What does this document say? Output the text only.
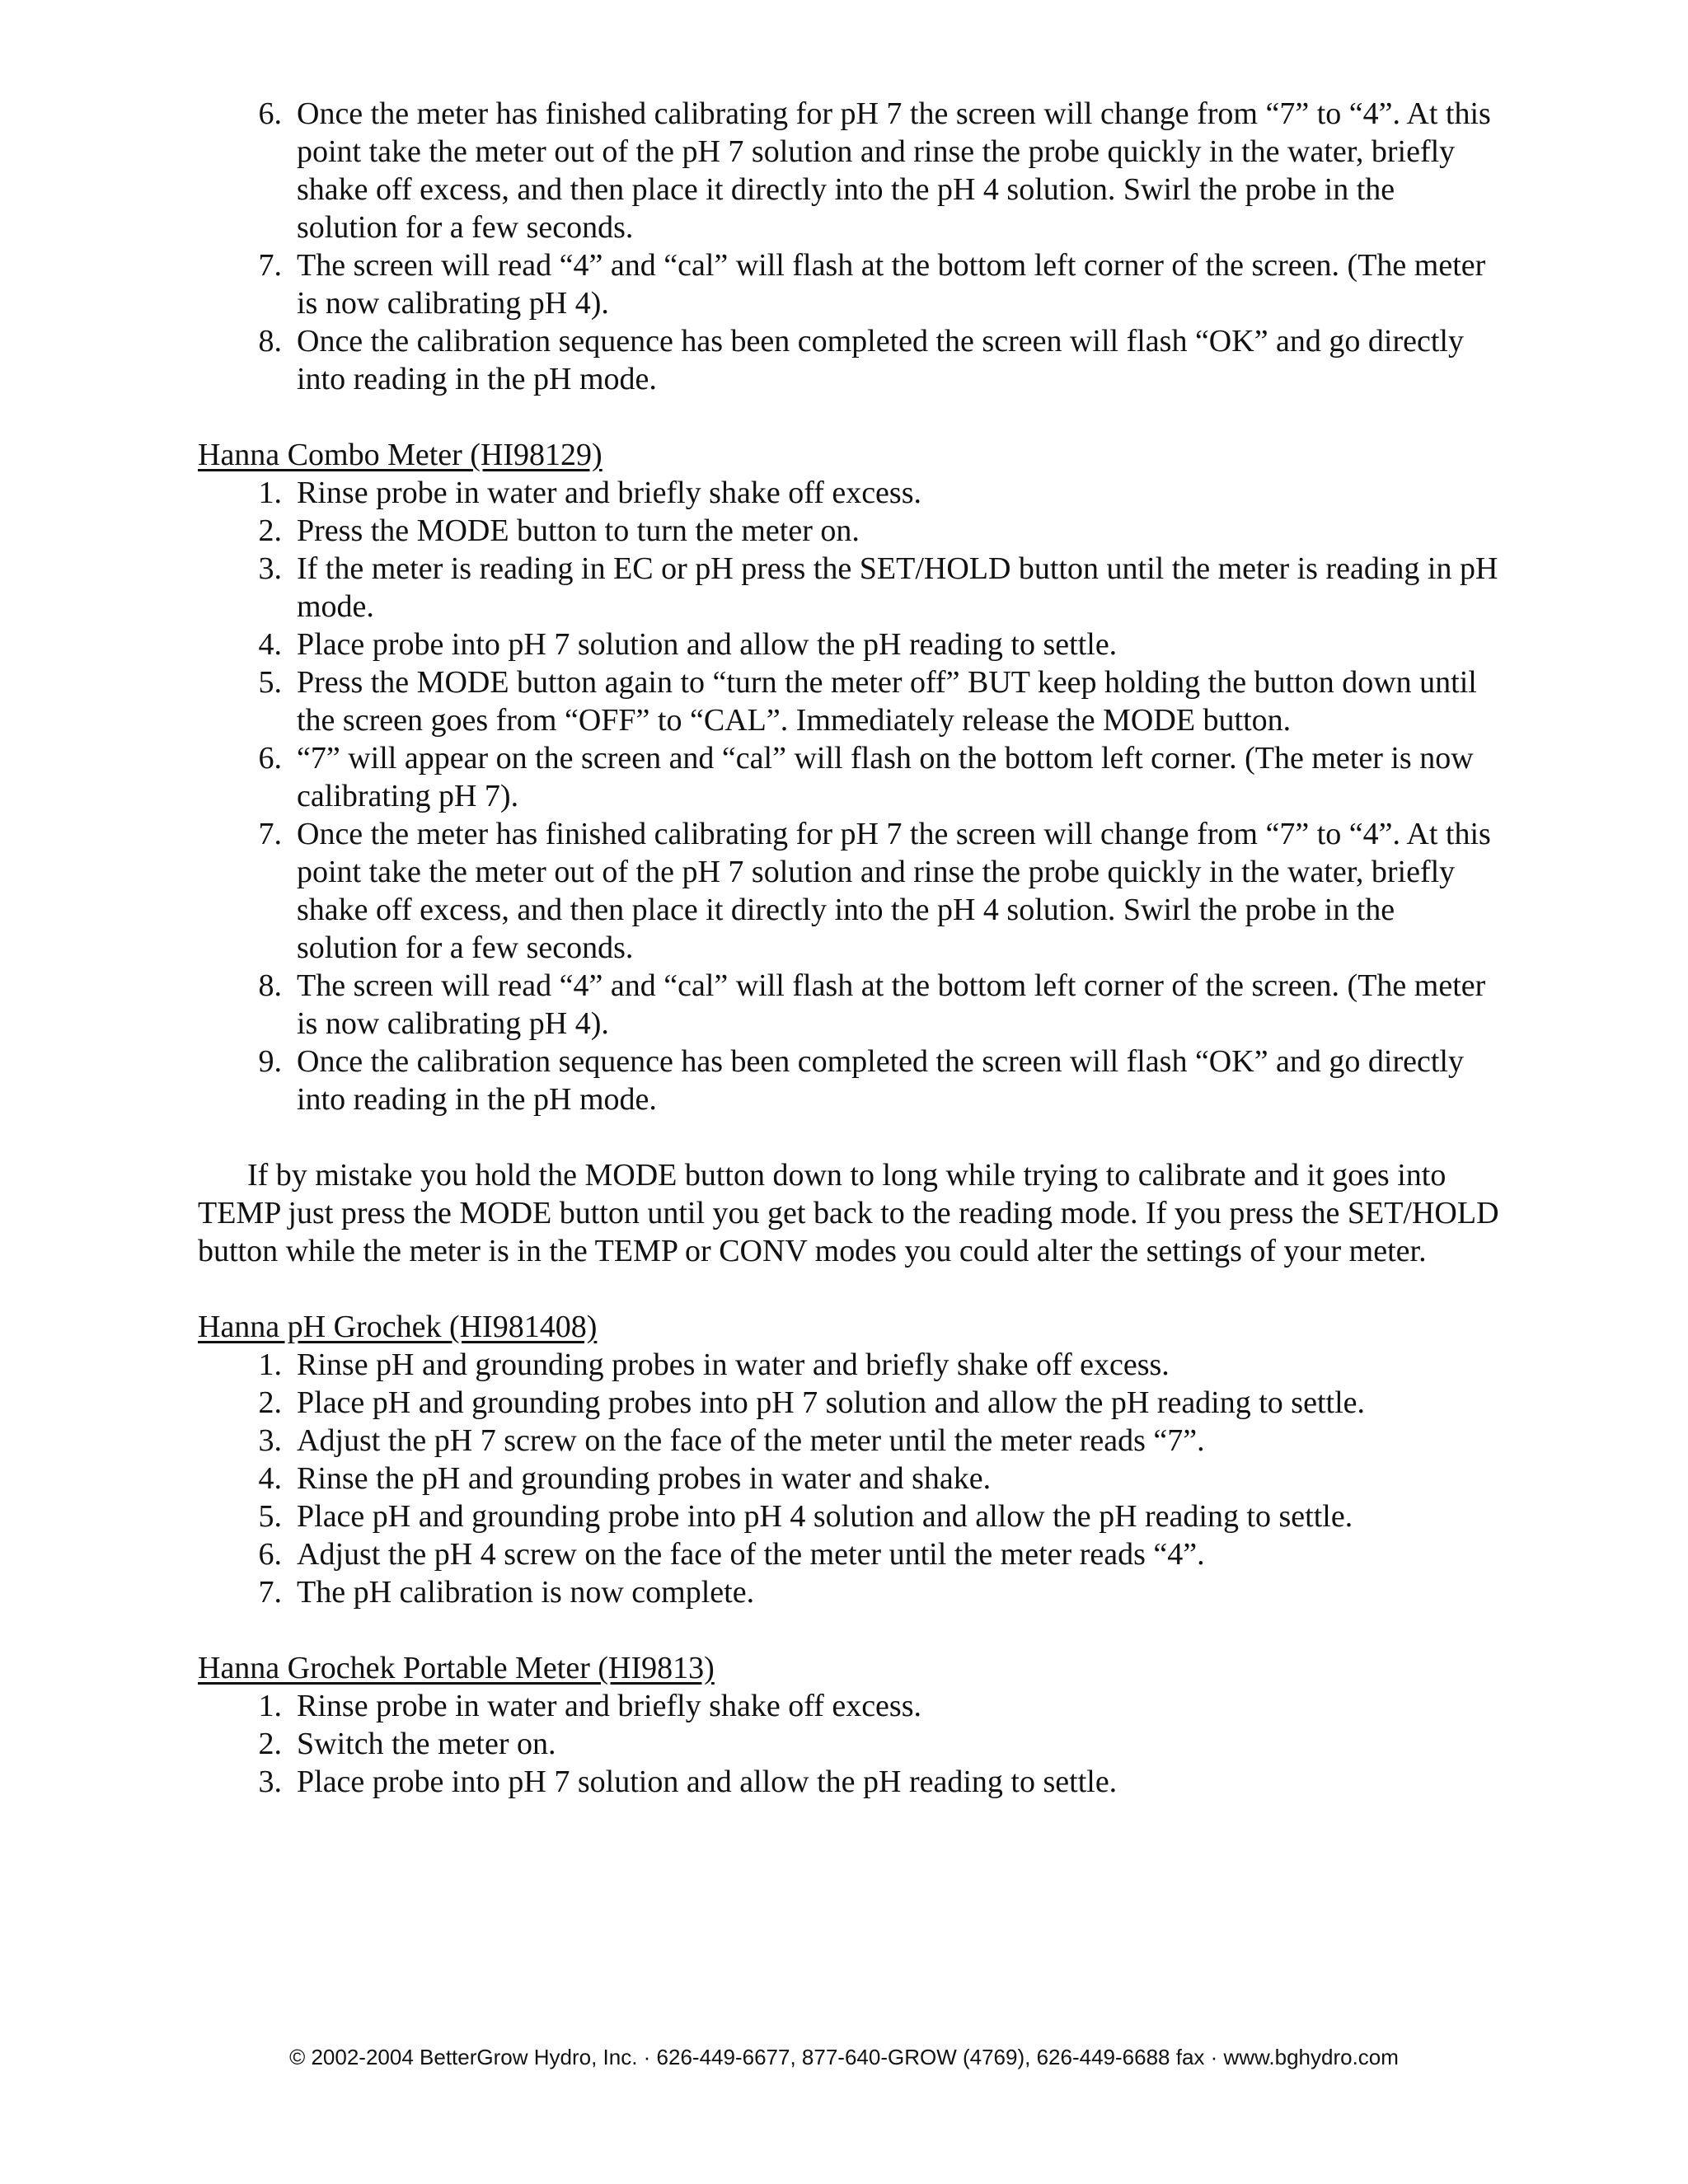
6. Once the meter has finished calibrating for pH 7 the screen will change from “7” to “4”. At this point take the meter out of the pH 7 solution and rinse the probe quickly in the water, briefly shake off excess, and then place it directly into the pH 4 solution. Swirl the probe in the solution for a few seconds.
7. The screen will read “4” and “cal” will flash at the bottom left corner of the screen. (The meter is now calibrating pH 4).
8. Once the calibration sequence has been completed the screen will flash “OK” and go directly into reading in the pH mode.
Hanna Combo Meter (HI98129)
1. Rinse probe in water and briefly shake off excess.
2. Press the MODE button to turn the meter on.
3. If the meter is reading in EC or pH press the SET/HOLD button until the meter is reading in pH mode.
4. Place probe into pH 7 solution and allow the pH reading to settle.
5. Press the MODE button again to “turn the meter off” BUT keep holding the button down until the screen goes from “OFF” to “CAL”. Immediately release the MODE button.
6. “7” will appear on the screen and “cal” will flash on the bottom left corner. (The meter is now calibrating pH 7).
7. Once the meter has finished calibrating for pH 7 the screen will change from “7” to “4”. At this point take the meter out of the pH 7 solution and rinse the probe quickly in the water, briefly shake off excess, and then place it directly into the pH 4 solution. Swirl the probe in the solution for a few seconds.
8. The screen will read “4” and “cal” will flash at the bottom left corner of the screen. (The meter is now calibrating pH 4).
9. Once the calibration sequence has been completed the screen will flash “OK” and go directly into reading in the pH mode.

If by mistake you hold the MODE button down to long while trying to calibrate and it goes into TEMP just press the MODE button until you get back to the reading mode. If you press the SET/HOLD button while the meter is in the TEMP or CONV modes you could alter the settings of your meter.

Hanna pH Grochek (HI981408)
1. Rinse pH and grounding probes in water and briefly shake off excess.
2. Place pH and grounding probes into pH 7 solution and allow the pH reading to settle.
3. Adjust the pH 7 screw on the face of the meter until the meter reads “7”.
4. Rinse the pH and grounding probes in water and shake.
5. Place pH and grounding probe into pH 4 solution and allow the pH reading to settle.
6. Adjust the pH 4 screw on the face of the meter until the meter reads “4”.
7. The pH calibration is now complete.
Hanna Grochek Portable Meter (HI9813)
1. Rinse probe in water and briefly shake off excess.
2. Switch the meter on.
3. Place probe into pH 7 solution and allow the pH reading to settle.
© 2002-2004 BetterGrow Hydro, Inc. · 626-449-6677, 877-640-GROW (4769), 626-449-6688 fax · www.bghydro.com
